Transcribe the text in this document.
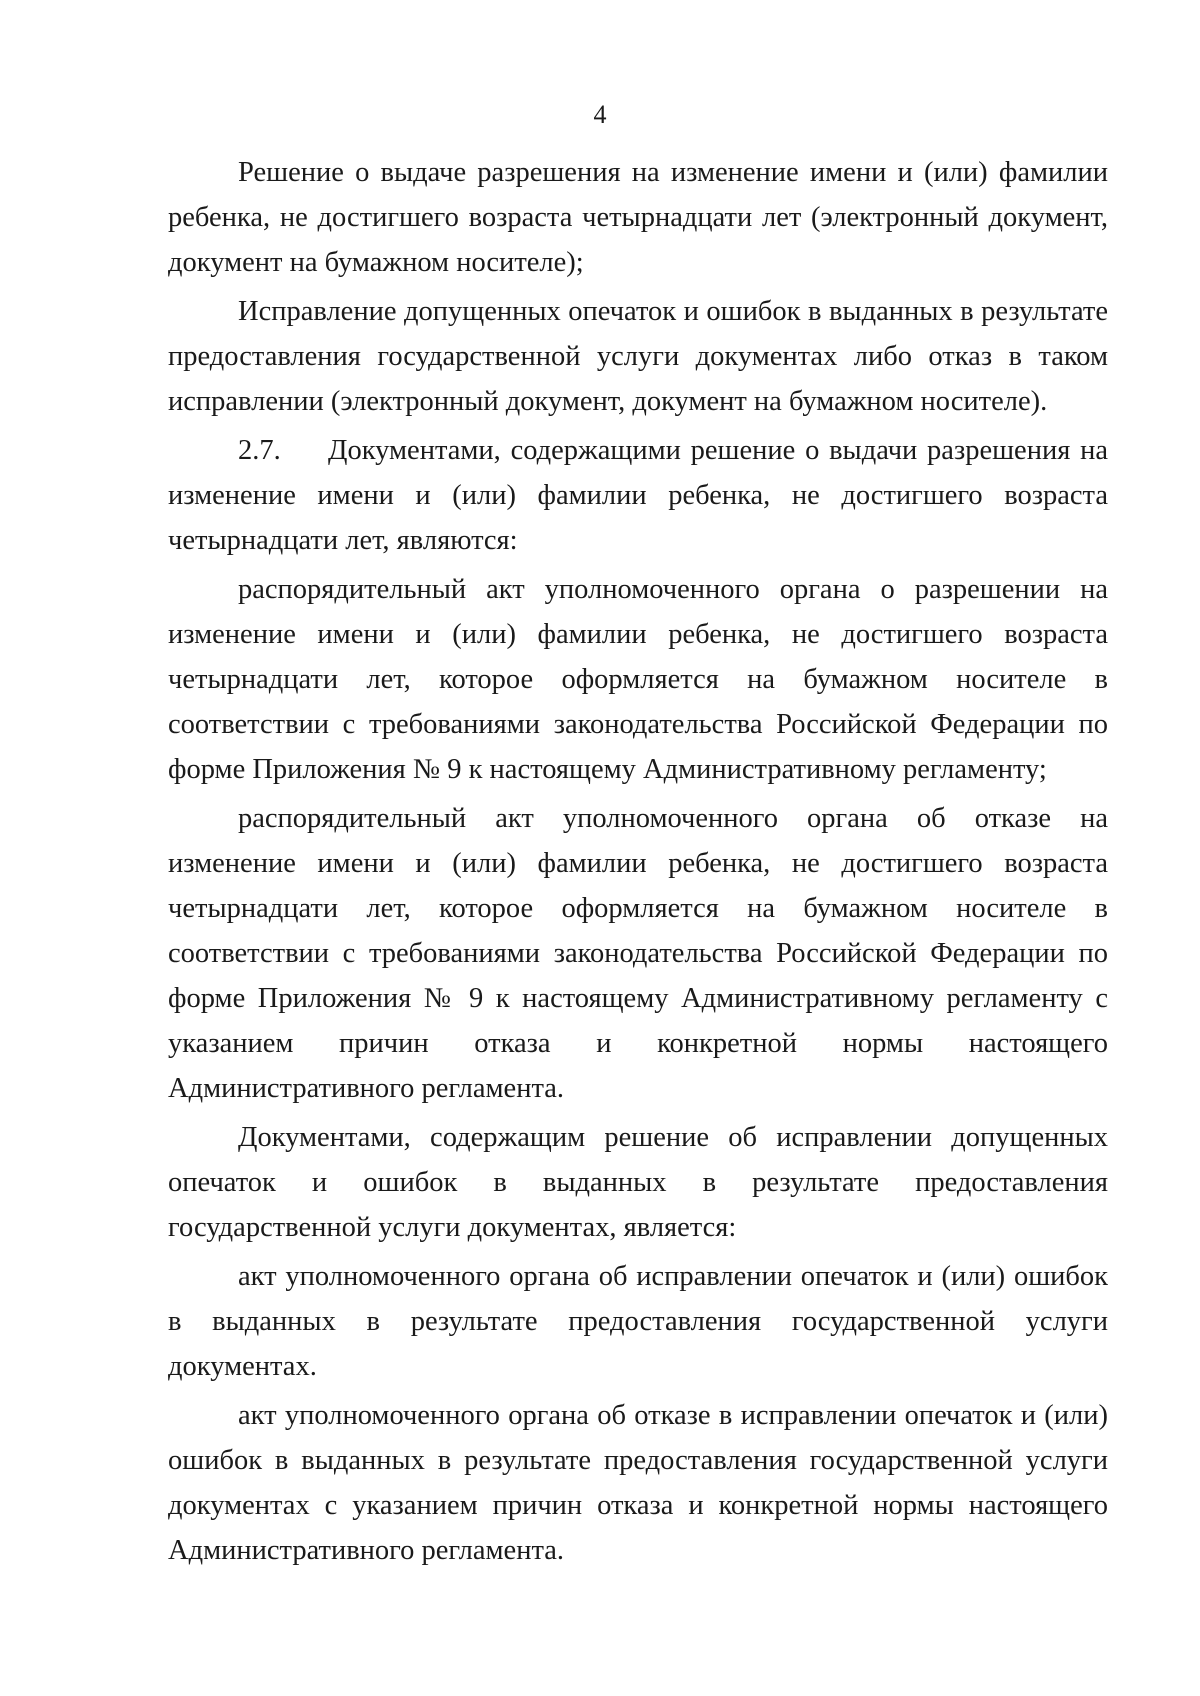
4

Решение о выдаче разрешения на изменение имени и (или) фамилии ребенка, не достигшего возраста четырнадцати лет (электронный документ, документ на бумажном носителе);

Исправление допущенных опечаток и ошибок в выданных в результате предоставления государственной услуги документах либо отказ в таком исправлении (электронный документ, документ на бумажном носителе).

2.7. Документами, содержащими решение о выдачи разрешения на изменение имени и (или) фамилии ребенка, не достигшего возраста четырнадцати лет, являются:

распорядительный акт уполномоченного органа о разрешении на изменение имени и (или) фамилии ребенка, не достигшего возраста четырнадцати лет, которое оформляется на бумажном носителе в соответствии с требованиями законодательства Российской Федерации по форме Приложения № 9 к настоящему Административному регламенту;

распорядительный акт уполномоченного органа об отказе на изменение имени и (или) фамилии ребенка, не достигшего возраста четырнадцати лет, которое оформляется на бумажном носителе в соответствии с требованиями законодательства Российской Федерации по форме Приложения № 9 к настоящему Административному регламенту с указанием причин отказа и конкретной нормы настоящего Административного регламента.

Документами, содержащим решение об исправлении допущенных опечаток и ошибок в выданных в результате предоставления государственной услуги документах, является:

акт уполномоченного органа об исправлении опечаток и (или) ошибок в выданных в результате предоставления государственной услуги документах.

акт уполномоченного органа об отказе в исправлении опечаток и (или) ошибок в выданных в результате предоставления государственной услуги документах с указанием причин отказа и конкретной нормы настоящего Административного регламента.
